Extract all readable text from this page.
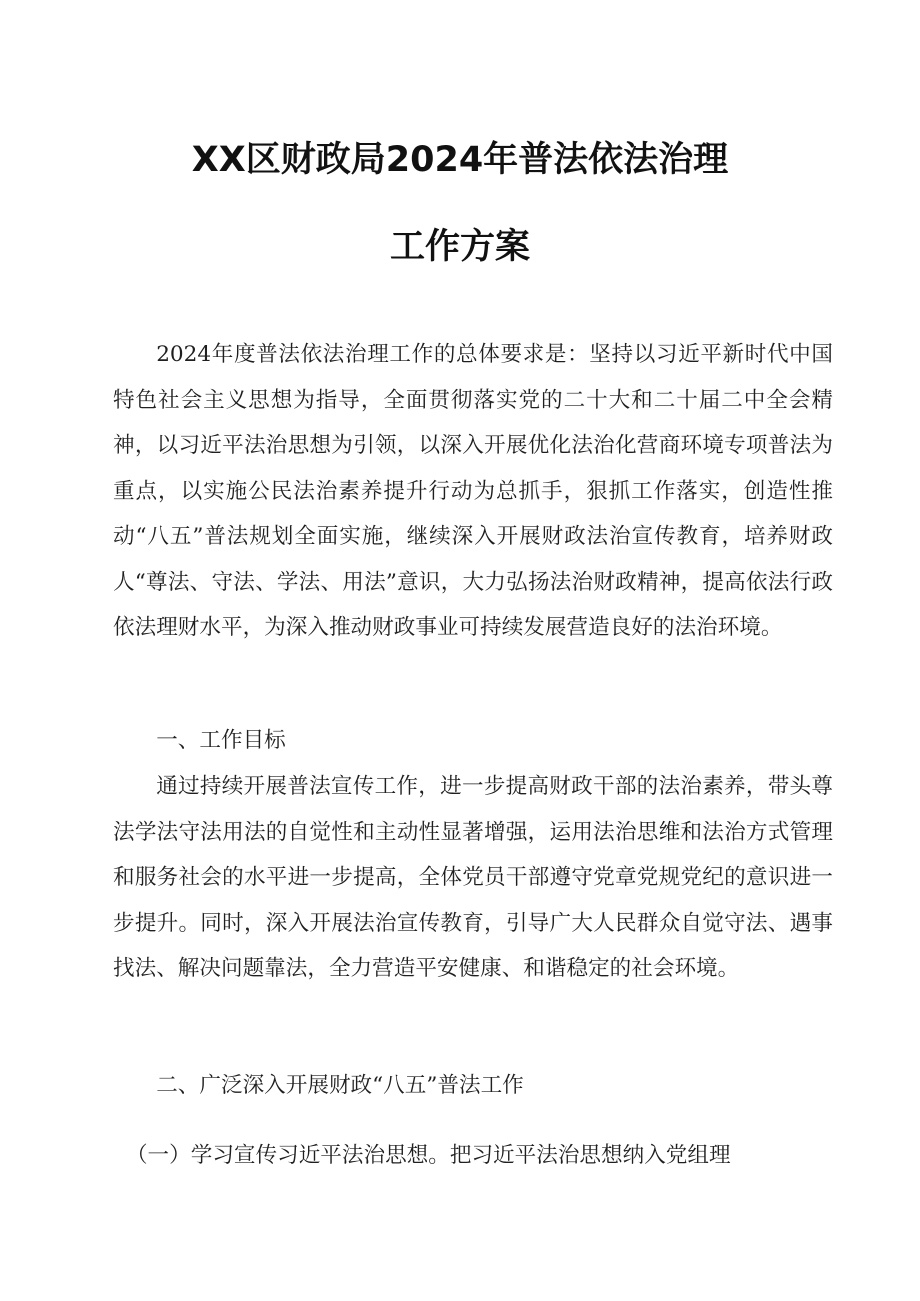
XX区财政局2024年普法依法治理
工作方案

2024年度普法依法治理工作的总体要求是：坚持以习近平新时代中国特色社会主义思想为指导，全面贯彻落实党的二十大和二十届二中全会精神，以习近平法治思想为引领，以深入开展优化法治化营商环境专项普法为重点，以实施公民法治素养提升行动为总抓手，狠抓工作落实，创造性推动“八五”普法规划全面实施，继续深入开展财政法治宣传教育，培养财政人“尊法、守法、学法、用法”意识，大力弘扬法治财政精神，提高依法行政依法理财水平，为深入推动财政事业可持续发展营造良好的法治环境。

一、工作目标

通过持续开展普法宣传工作，进一步提高财政干部的法治素养，带头尊法学法守法用法的自觉性和主动性显著增强，运用法治思维和法治方式管理和服务社会的水平进一步提高，全体党员干部遵守党章党规党纪的意识进一步提升。同时，深入开展法治宣传教育，引导广大人民群众自觉守法、遇事找法、解决问题靠法，全力营造平安健康、和谐稳定的社会环境。

二、广泛深入开展财政“八五”普法工作

（一）学习宣传习近平法治思想。把习近平法治思想纳入党组理
